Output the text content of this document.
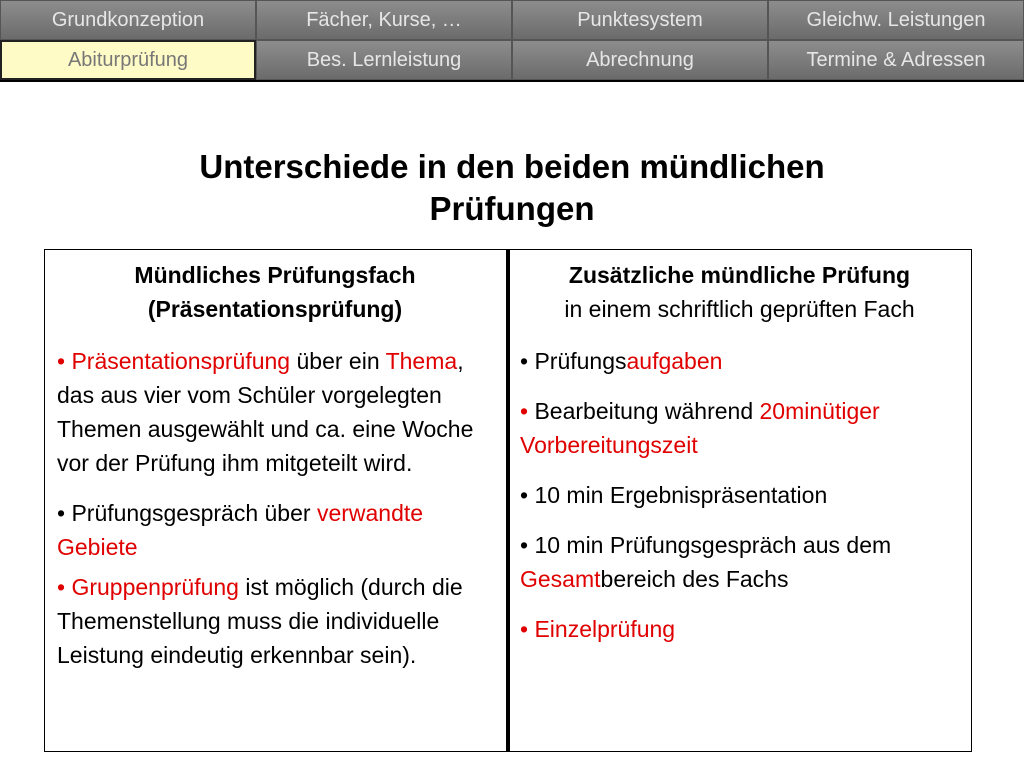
Grundkonzeption	Fächer, Kurse, …	Punktesystem	Gleichw. Leistungen
Abiturprüfung	Bes. Lernleistung	Abrechnung	Termine & Adressen
Unterschiede in den beiden mündlichen
Prüfungen
Mündliches Prüfungsfach
(Präsentationsprüfung)
• Präsentationsprüfung über ein Thema, das aus vier vom Schüler vorgelegten Themen ausgewählt und ca. eine Woche vor der Prüfung ihm mitgeteilt wird.
• Prüfungsgespräch über verwandte Gebiete
• Gruppenprüfung ist möglich (durch die Themenstellung muss die individuelle Leistung eindeutig erkennbar sein).
Zusätzliche mündliche Prüfung
in einem schriftlich geprüften Fach
• Prüfungsaufgaben
• Bearbeitung während 20minütiger Vorbereitungszeit
• 10 min Ergebnispräsentation
• 10 min Prüfungsgespräch aus dem Gesamtbereich des Fachs
• Einzelprüfung
